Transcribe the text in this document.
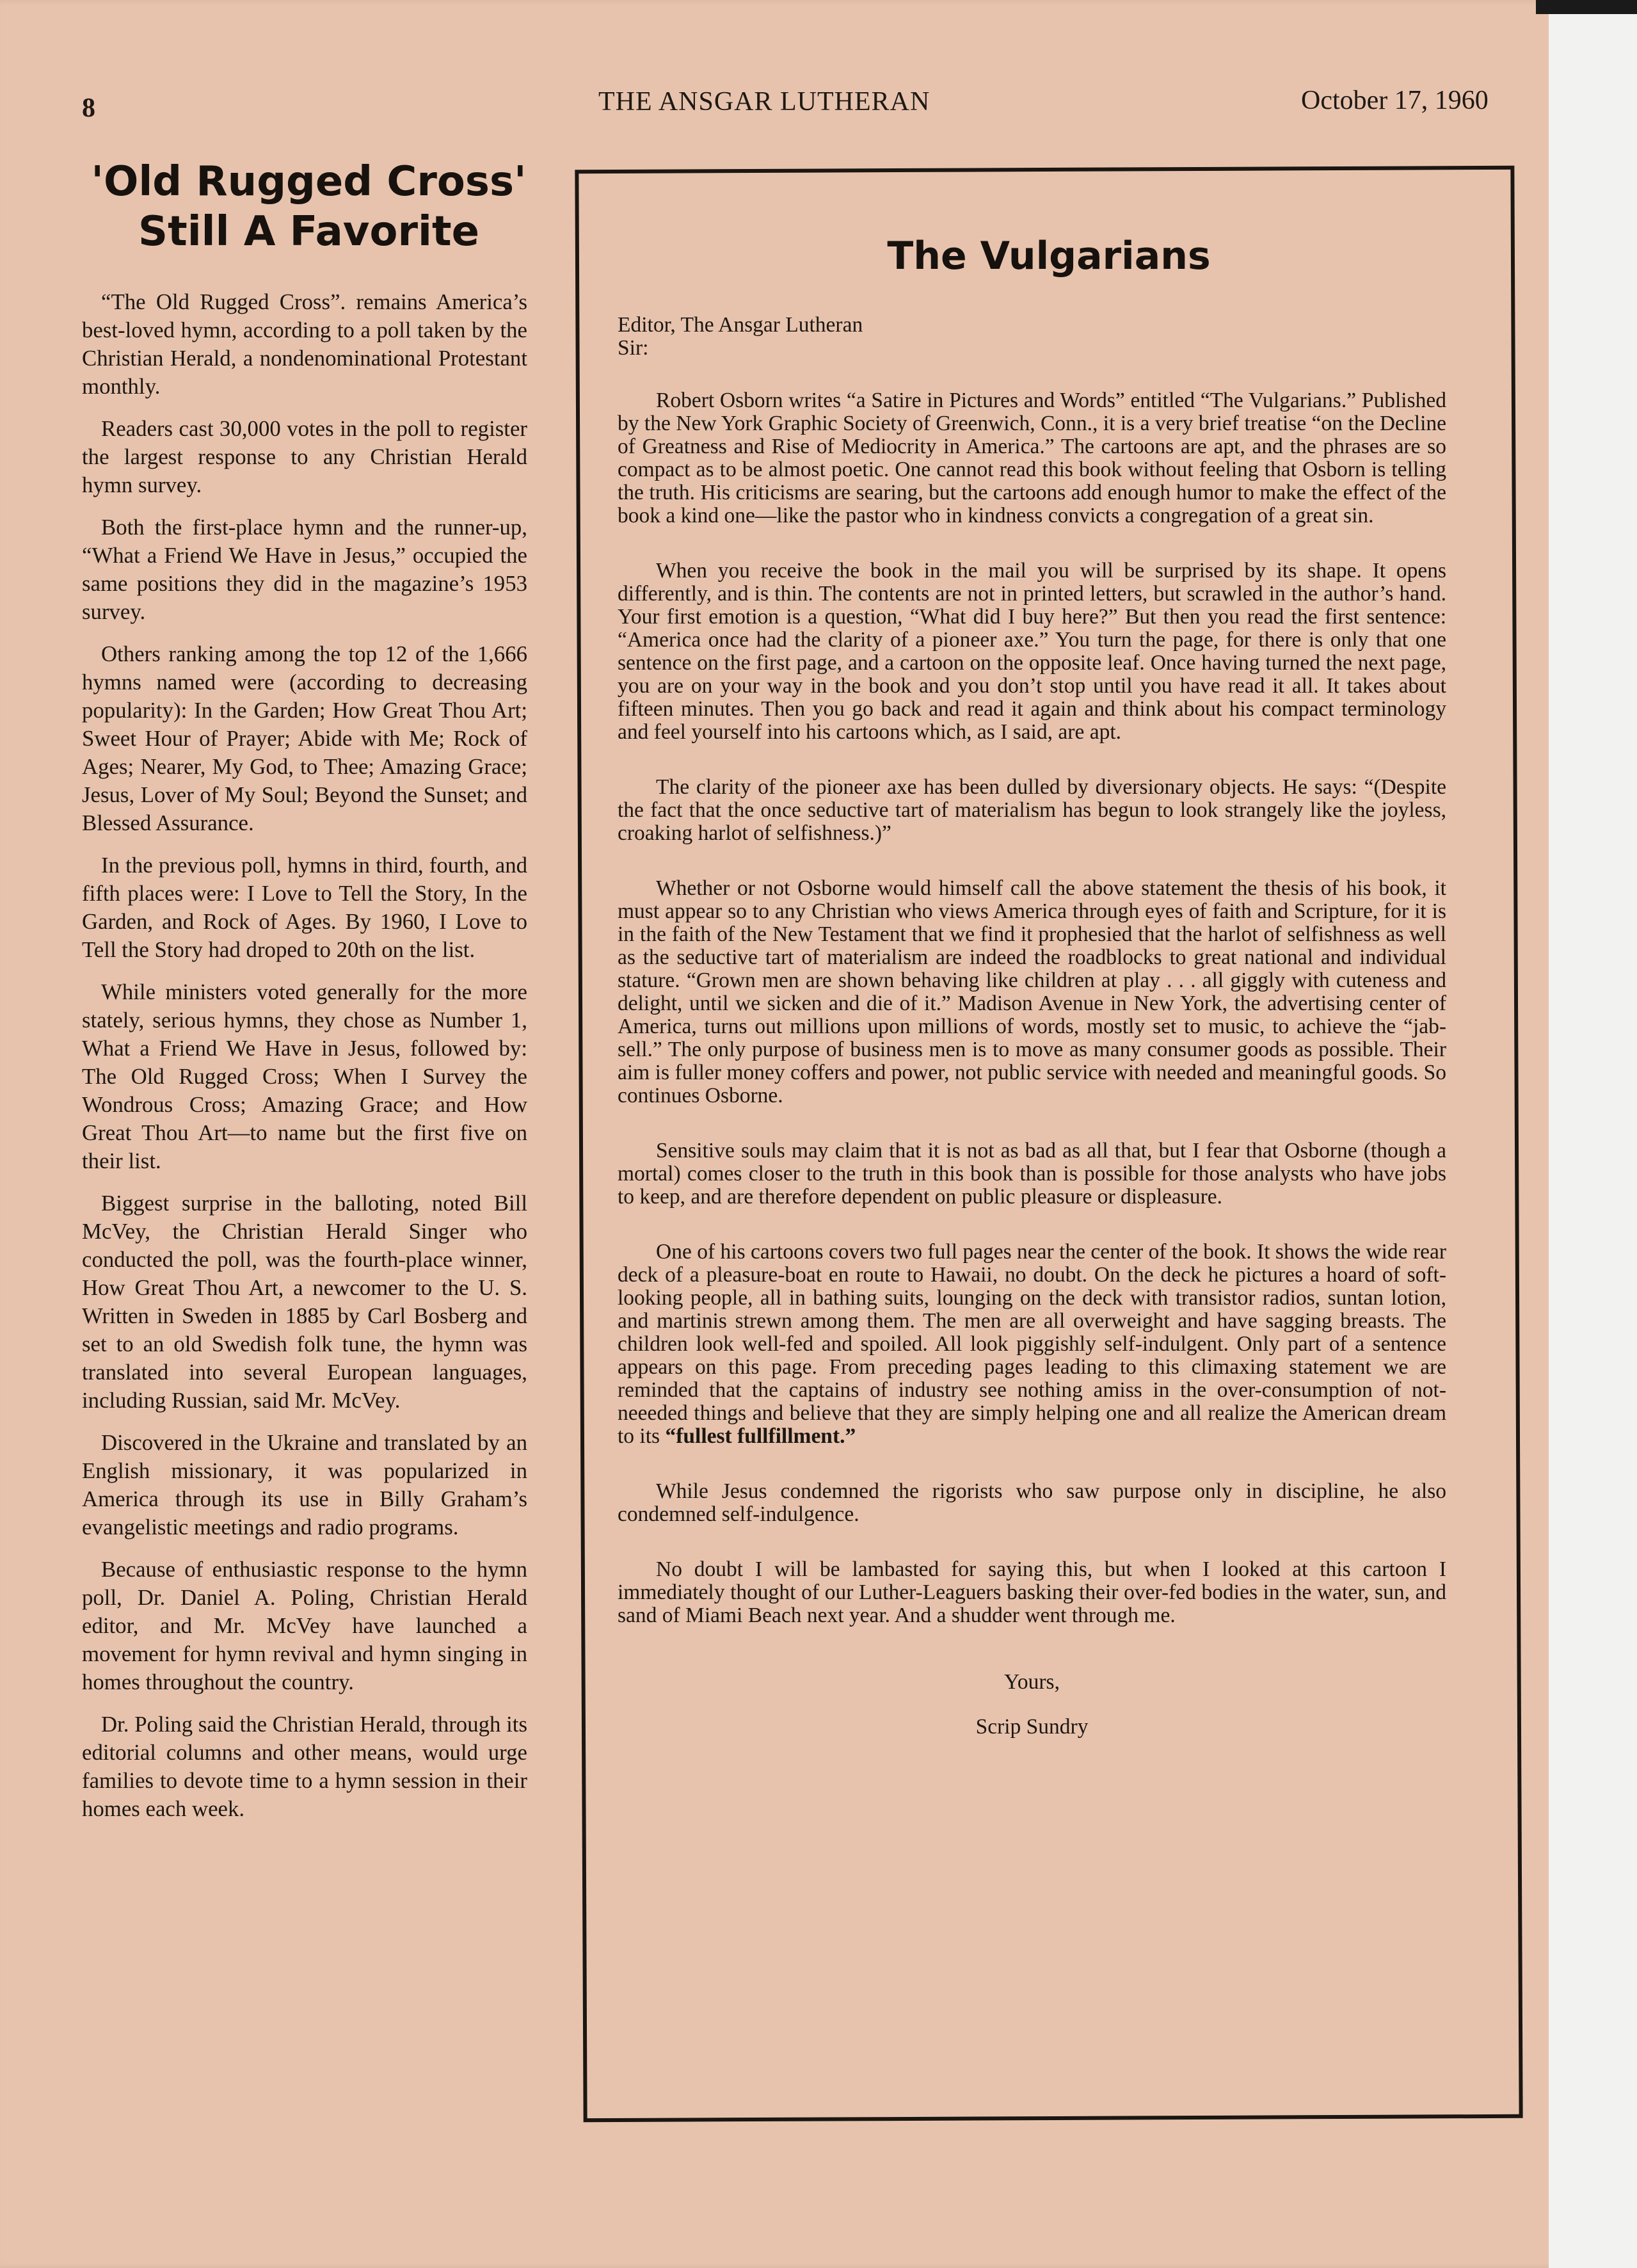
8	THE ANSGAR LUTHERAN	October 17, 1960
'Old Rugged Cross'
Still A Favorite

“The Old Rugged Cross”. remains America’s best-loved hymn, according to a poll taken by the Christian Herald, a nondenominational Protestant monthly.

Readers cast 30,000 votes in the poll to register the largest response to any Christian Herald hymn survey.

Both the first-place hymn and the runner-up, “What a Friend We Have in Jesus,” occupied the same positions they did in the magazine’s 1953 survey.

Others ranking among the top 12 of the 1,666 hymns named were (according to decreasing popularity): In the Garden; How Great Thou Art; Sweet Hour of Prayer; Abide with Me; Rock of Ages; Nearer, My God, to Thee; Amazing Grace; Jesus, Lover of My Soul; Beyond the Sunset; and Blessed Assurance.

In the previous poll, hymns in third, fourth, and fifth places were: I Love to Tell the Story, In the Garden, and Rock of Ages. By 1960, I Love to Tell the Story had droped to 20th on the list.

While ministers voted generally for the more stately, serious hymns, they chose as Number 1, What a Friend We Have in Jesus, followed by: The Old Rugged Cross; When I Survey the Wondrous Cross; Amazing Grace; and How Great Thou Art—to name but the first five on their list.

Biggest surprise in the balloting, noted Bill McVey, the Christian Herald Singer who conducted the poll, was the fourth-place winner, How Great Thou Art, a newcomer to the U. S. Written in Sweden in 1885 by Carl Bosberg and set to an old Swedish folk tune, the hymn was translated into several European languages, including Russian, said Mr. McVey.

Discovered in the Ukraine and translated by an English missionary, it was popularized in America through its use in Billy Graham’s evangelistic meetings and radio programs.

Because of enthusiastic response to the hymn poll, Dr. Daniel A. Poling, Christian Herald editor, and Mr. McVey have launched a movement for hymn revival and hymn singing in homes throughout the country.

Dr. Poling said the Christian Herald, through its editorial columns and other means, would urge families to devote time to a hymn session in their homes each week.

The Vulgarians

Editor, The Ansgar Lutheran
Sir:

Robert Osborn writes “a Satire in Pictures and Words” entitled “The Vulgarians.” Published by the New York Graphic Society of Greenwich, Conn., it is a very brief treatise “on the Decline of Greatness and Rise of Mediocrity in America.” The cartoons are apt, and the phrases are so compact as to be almost poetic. One cannot read this book without feeling that Osborn is telling the truth. His criticisms are searing, but the cartoons add enough humor to make the effect of the book a kind one—like the pastor who in kindness convicts a congregation of a great sin.

When you receive the book in the mail you will be surprised by its shape. It opens differently, and is thin. The contents are not in printed letters, but scrawled in the author’s hand. Your first emotion is a question, “What did I buy here?” But then you read the first sentence: “America once had the clarity of a pioneer axe.” You turn the page, for there is only that one sentence on the first page, and a cartoon on the opposite leaf. Once having turned the next page, you are on your way in the book and you don’t stop until you have read it all. It takes about fifteen minutes. Then you go back and read it again and think about his compact terminology and feel yourself into his cartoons which, as I said, are apt.

The clarity of the pioneer axe has been dulled by diversionary objects. He says: “(Despite the fact that the once seductive tart of materialism has begun to look strangely like the joyless, croaking harlot of selfishness.)”

Whether or not Osborne would himself call the above statement the thesis of his book, it must appear so to any Christian who views America through eyes of faith and Scripture, for it is in the faith of the New Testament that we find it prophesied that the harlot of selfishness as well as the seductive tart of materialism are indeed the roadblocks to great national and individual stature. “Grown men are shown behaving like children at play . . . all giggly with cuteness and delight, until we sicken and die of it.” Madison Avenue in New York, the advertising center of America, turns out millions upon millions of words, mostly set to music, to achieve the “jab-sell.” The only purpose of business men is to move as many consumer goods as possible. Their aim is fuller money coffers and power, not public service with needed and meaningful goods. So continues Osborne.

Sensitive souls may claim that it is not as bad as all that, but I fear that Osborne (though a mortal) comes closer to the truth in this book than is possible for those analysts who have jobs to keep, and are therefore dependent on public pleasure or displeasure.

One of his cartoons covers two full pages near the center of the book. It shows the wide rear deck of a pleasure-boat en route to Hawaii, no doubt. On the deck he pictures a hoard of soft-looking people, all in bathing suits, lounging on the deck with transistor radios, suntan lotion, and martinis strewn among them. The men are all overweight and have sagging breasts. The children look well-fed and spoiled. All look piggishly self-indulgent. Only part of a sentence appears on this page. From preceding pages leading to this climaxing statement we are reminded that the captains of industry see nothing amiss in the over-consumption of not-neeeded things and believe that they are simply helping one and all realize the American dream to its “fullest fullfillment.”

While Jesus condemned the rigorists who saw purpose only in discipline, he also condemned self-indulgence.

No doubt I will be lambasted for saying this, but when I looked at this cartoon I immediately thought of our Luther-Leaguers basking their over-fed bodies in the water, sun, and sand of Miami Beach next year. And a shudder went through me.

Yours,

Scrip Sundry
